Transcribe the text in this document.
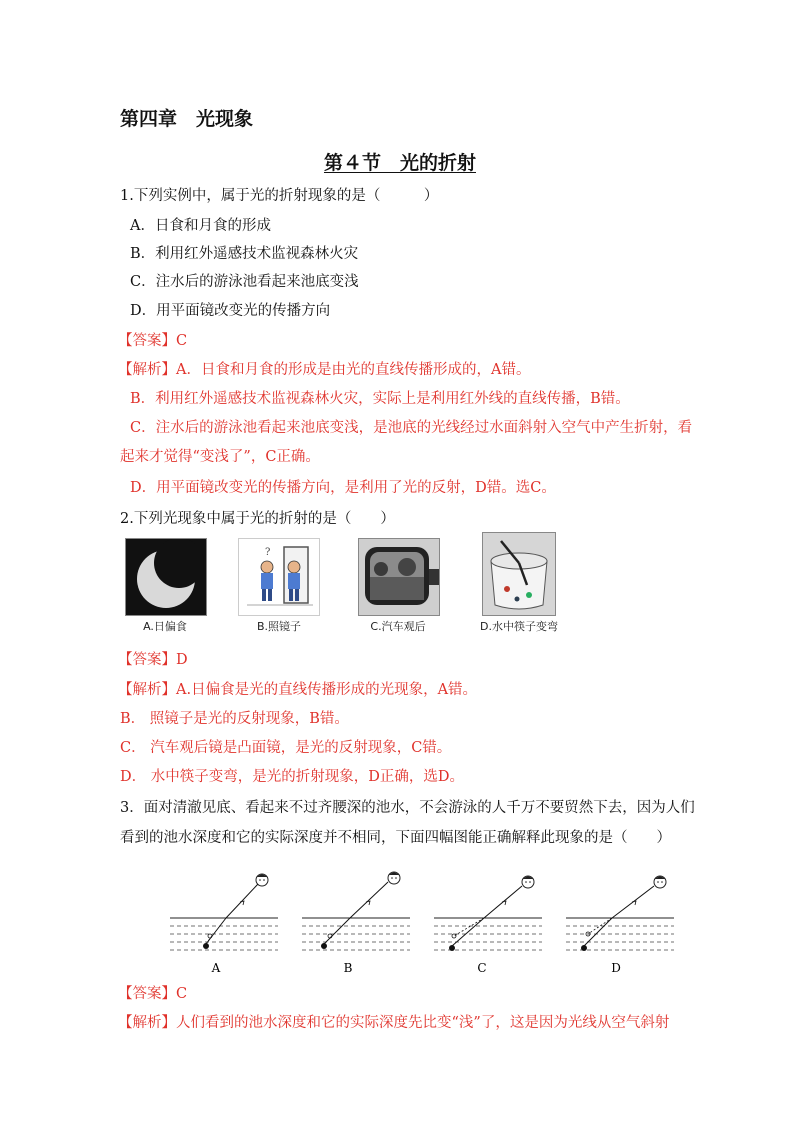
第四章　光现象
第４节　光的折射
1.下列实例中，属于光的折射现象的是（　　　）
A．日食和月食的形成
B．利用红外遥感技术监视森林火灾
C．注水后的游泳池看起来池底变浅
D．用平面镜改变光的传播方向
【答案】C
【解析】A．日食和月食的形成是由光的直线传播形成的，A错。
B．利用红外遥感技术监视森林火灾，实际上是利用红外线的直线传播，B错。
C．注水后的游泳池看起来池底变浅，是池底的光线经过水面斜射入空气中产生折射，看
起来才觉得“变浅了”，C正确。
D．用平面镜改变光的传播方向，是利用了光的反射，D错。选C。
2.下列光现象中属于光的折射的是（　　）
A.日偏食
?
B.照镜子	C.汽车观后	D.水中筷子变弯
【答案】D
【解析】A.日偏食是光的直线传播形成的光现象，A错。
B． 照镜子是光的反射现象，B错。
C． 汽车观后镜是凸面镜，是光的反射现象，C错。
D． 水中筷子变弯，是光的折射现象，D正确，选D。
3．面对清澈见底、看起来不过齐腰深的池水，不会游泳的人千万不要贸然下去，因为人们
看到的池水深度和它的实际深度并不相同，下面四幅图能正确解释此现象的是（　　）
A	B	C	D
【答案】C
【解析】人们看到的池水深度和它的实际深度先比变“浅”了，这是因为光线从空气斜射
